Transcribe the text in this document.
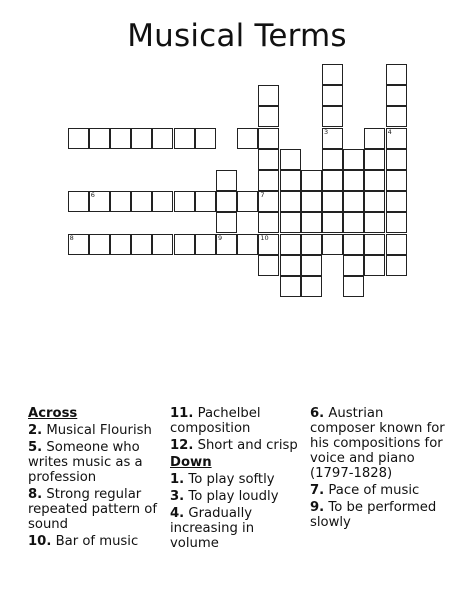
Musical Terms
7
10
3	4
9
8
6
Across
2. Musical Flourish
5. Someone who writes music as a profession
8. Strong regular repeated pattern of sound
10. Bar of music
11. Pachelbel composition
12. Short and crisp
Down
1. To play softly
3. To play loudly
4. Gradually increasing in volume
6. Austrian composer known for his compositions for voice and piano (1797-1828)
7. Pace of music
9. To be performed slowly
